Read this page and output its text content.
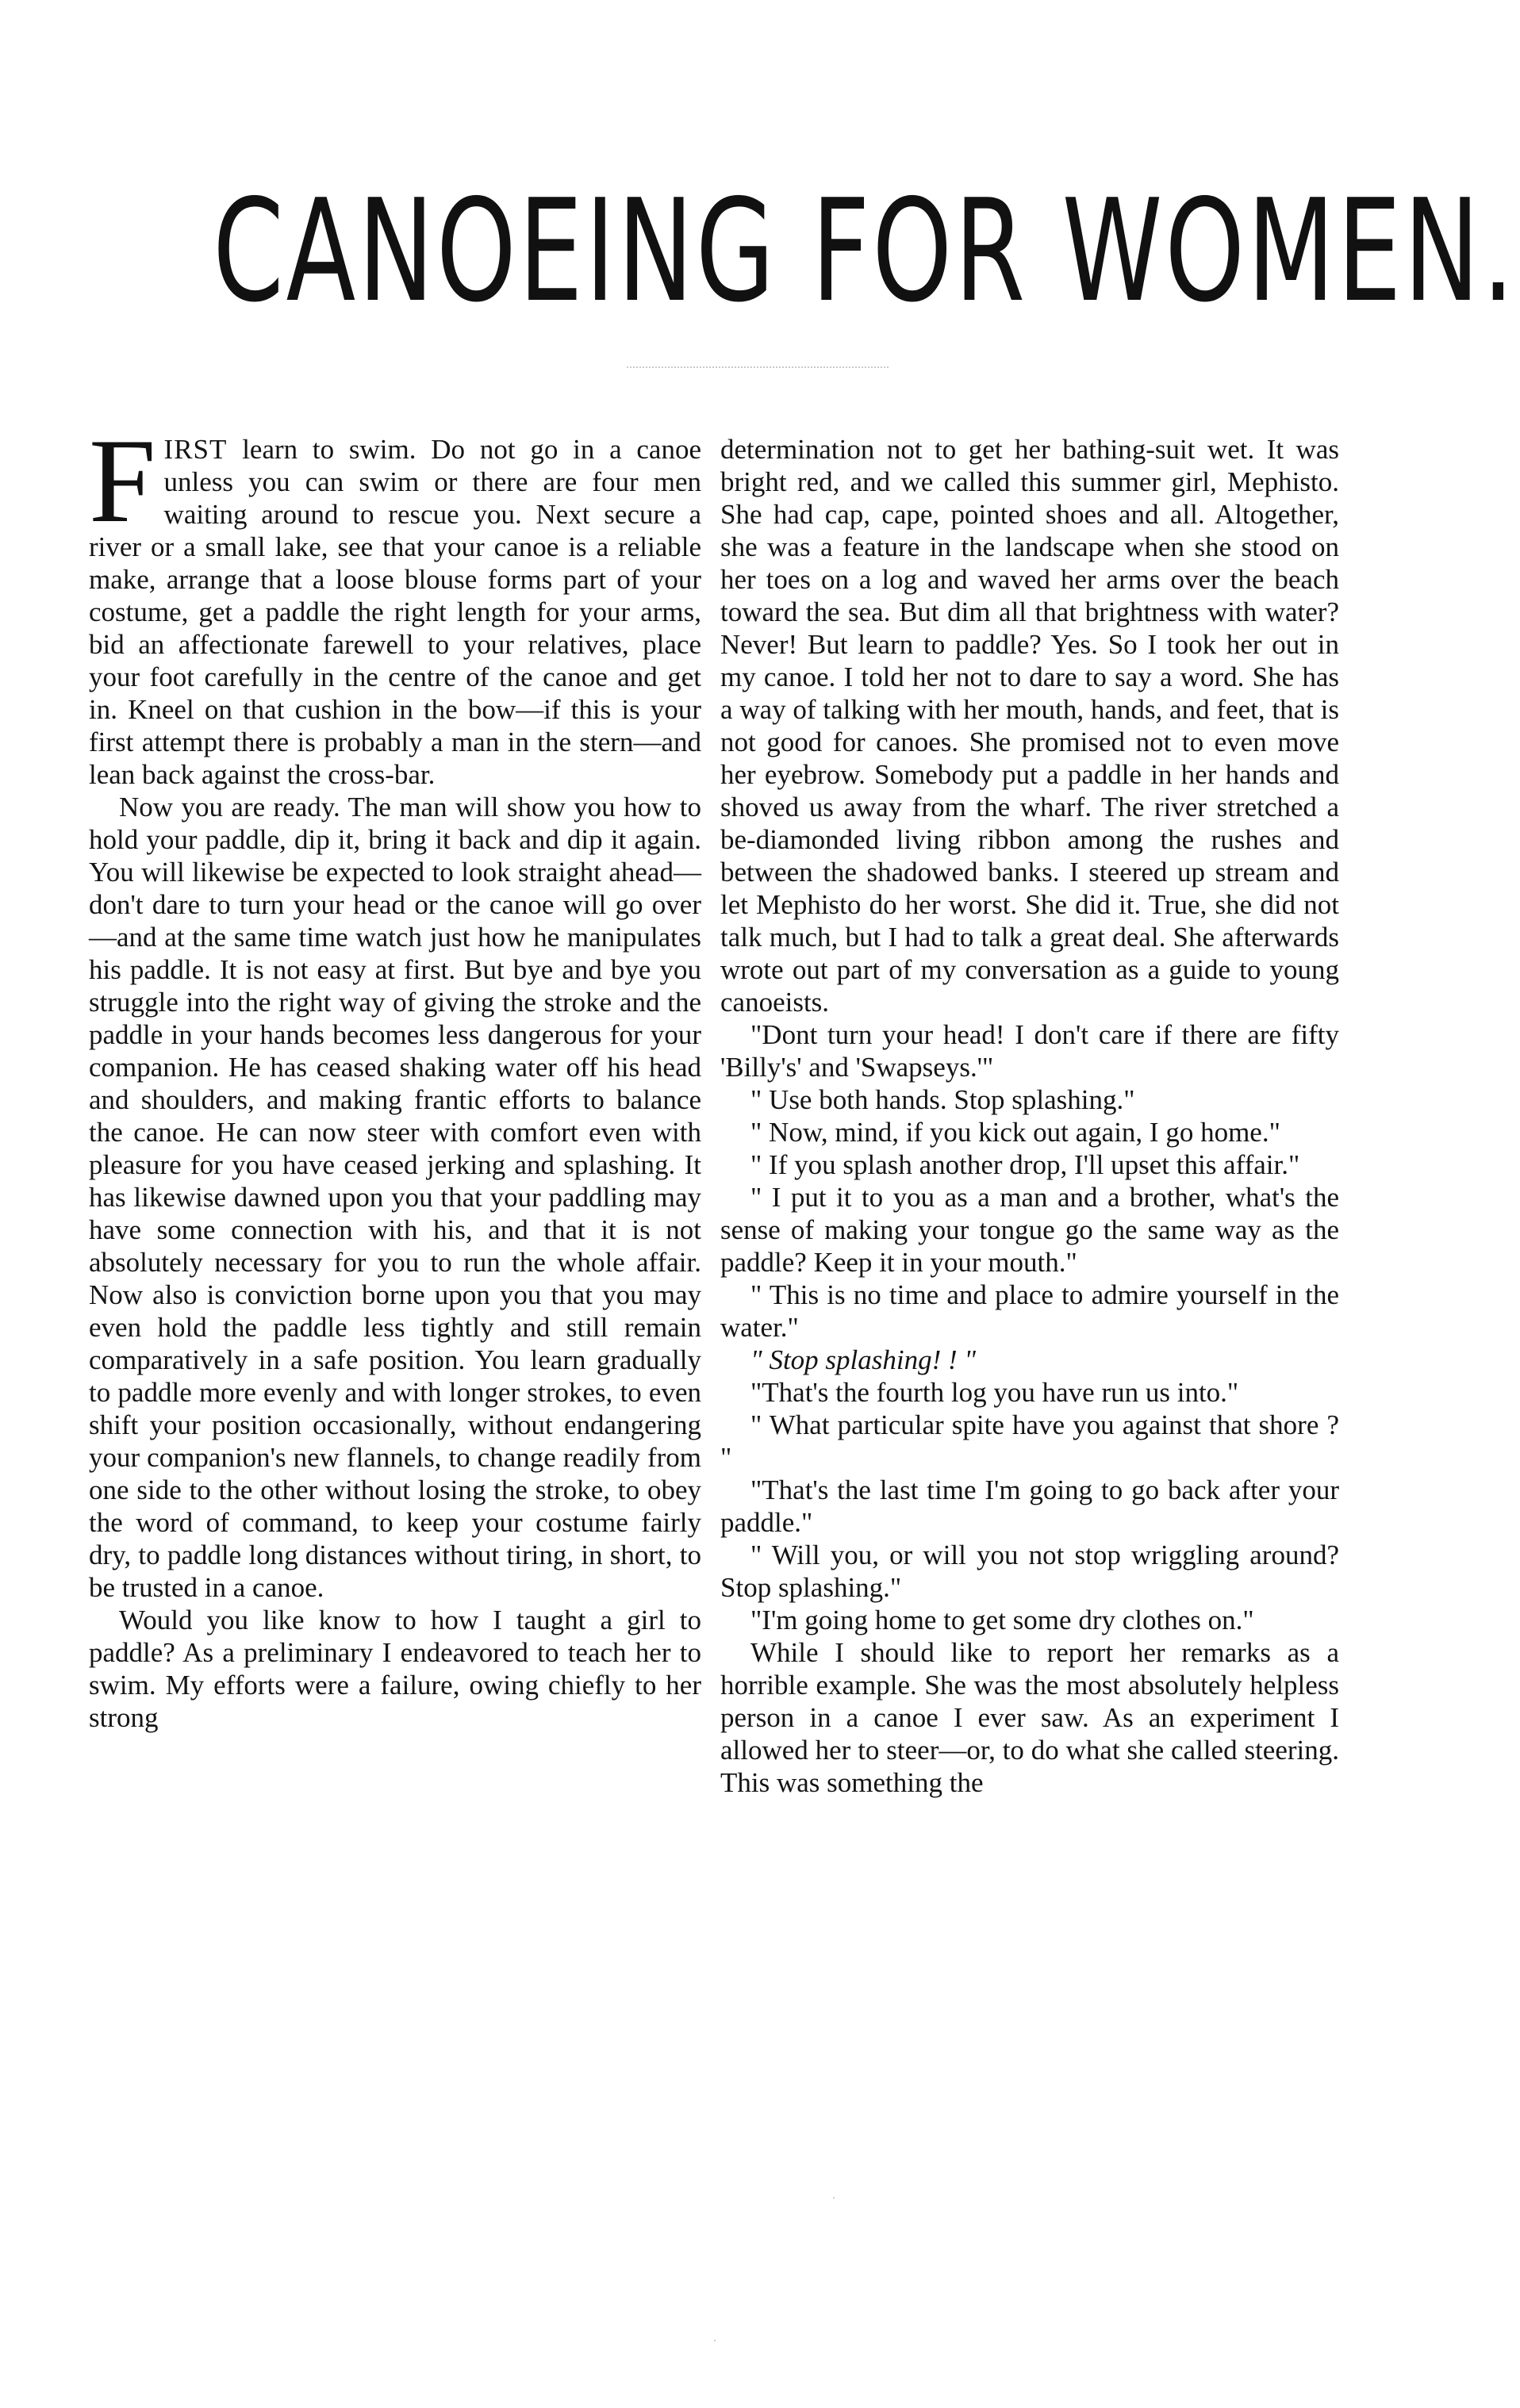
CANOEING FOR WOMEN.

FIRST learn to swim. Do not go in a canoe unless you can swim or there are four men waiting around to rescue you. Next secure a river or a small lake, see that your canoe is a reliable make, arrange that a loose blouse forms part of your costume, get a paddle the right length for your arms, bid an affectionate farewell to your relatives, place your foot carefully in the centre of the canoe and get in. Kneel on that cushion in the bow—if this is your first attempt there is probably a man in the stern—and lean back against the cross-bar.

Now you are ready. The man will show you how to hold your paddle, dip it, bring it back and dip it again. You will likewise be expected to look straight ahead—don't dare to turn your head or the canoe will go over—and at the same time watch just how he manipulates his paddle. It is not easy at first. But bye and bye you struggle into the right way of giving the stroke and the paddle in your hands becomes less dangerous for your companion. He has ceased shaking water off his head and shoulders, and making frantic efforts to balance the canoe. He can now steer with comfort even with pleasure for you have ceased jerking and splashing. It has likewise dawned upon you that your paddling may have some connection with his, and that it is not absolutely necessary for you to run the whole affair. Now also is conviction borne upon you that you may even hold the paddle less tightly and still remain comparatively in a safe position. You learn gradually to paddle more evenly and with longer strokes, to even shift your position occasionally, without endangering your companion's new flannels, to change readily from one side to the other without losing the stroke, to obey the word of command, to keep your costume fairly dry, to paddle long distances without tiring, in short, to be trusted in a canoe.

Would you like know to how I taught a girl to paddle? As a preliminary I endeavored to teach her to swim. My efforts were a failure, owing chiefly to her strong

determination not to get her bathing-suit wet. It was bright red, and we called this summer girl, Mephisto. She had cap, cape, pointed shoes and all. Altogether, she was a feature in the landscape when she stood on her toes on a log and waved her arms over the beach toward the sea. But dim all that brightness with water? Never! But learn to paddle? Yes. So I took her out in my canoe. I told her not to dare to say a word. She has a way of talking with her mouth, hands, and feet, that is not good for canoes. She promised not to even move her eyebrow. Somebody put a paddle in her hands and shoved us away from the wharf. The river stretched a be-diamonded living ribbon among the rushes and between the shadowed banks. I steered up stream and let Mephisto do her worst. She did it. True, she did not talk much, but I had to talk a great deal. She afterwards wrote out part of my conversation as a guide to young canoeists.

"Dont turn your head! I don't care if there are fifty 'Billy's' and 'Swapseys.'"

" Use both hands. Stop splashing."

" Now, mind, if you kick out again, I go home."

" If you splash another drop, I'll upset this affair."

" I put it to you as a man and a brother, what's the sense of making your tongue go the same way as the paddle? Keep it in your mouth."

" This is no time and place to admire yourself in the water."

" Stop splashing! ! "

"That's the fourth log you have run us into."

" What particular spite have you against that shore ? "

"That's the last time I'm going to go back after your paddle."

" Will you, or will you not stop wriggling around? Stop splashing."

"I'm going home to get some dry clothes on."

While I should like to report her remarks as a horrible example. She was the most absolutely helpless person in a canoe I ever saw. As an experiment I allowed her to steer—or, to do what she called steering. This was something the
